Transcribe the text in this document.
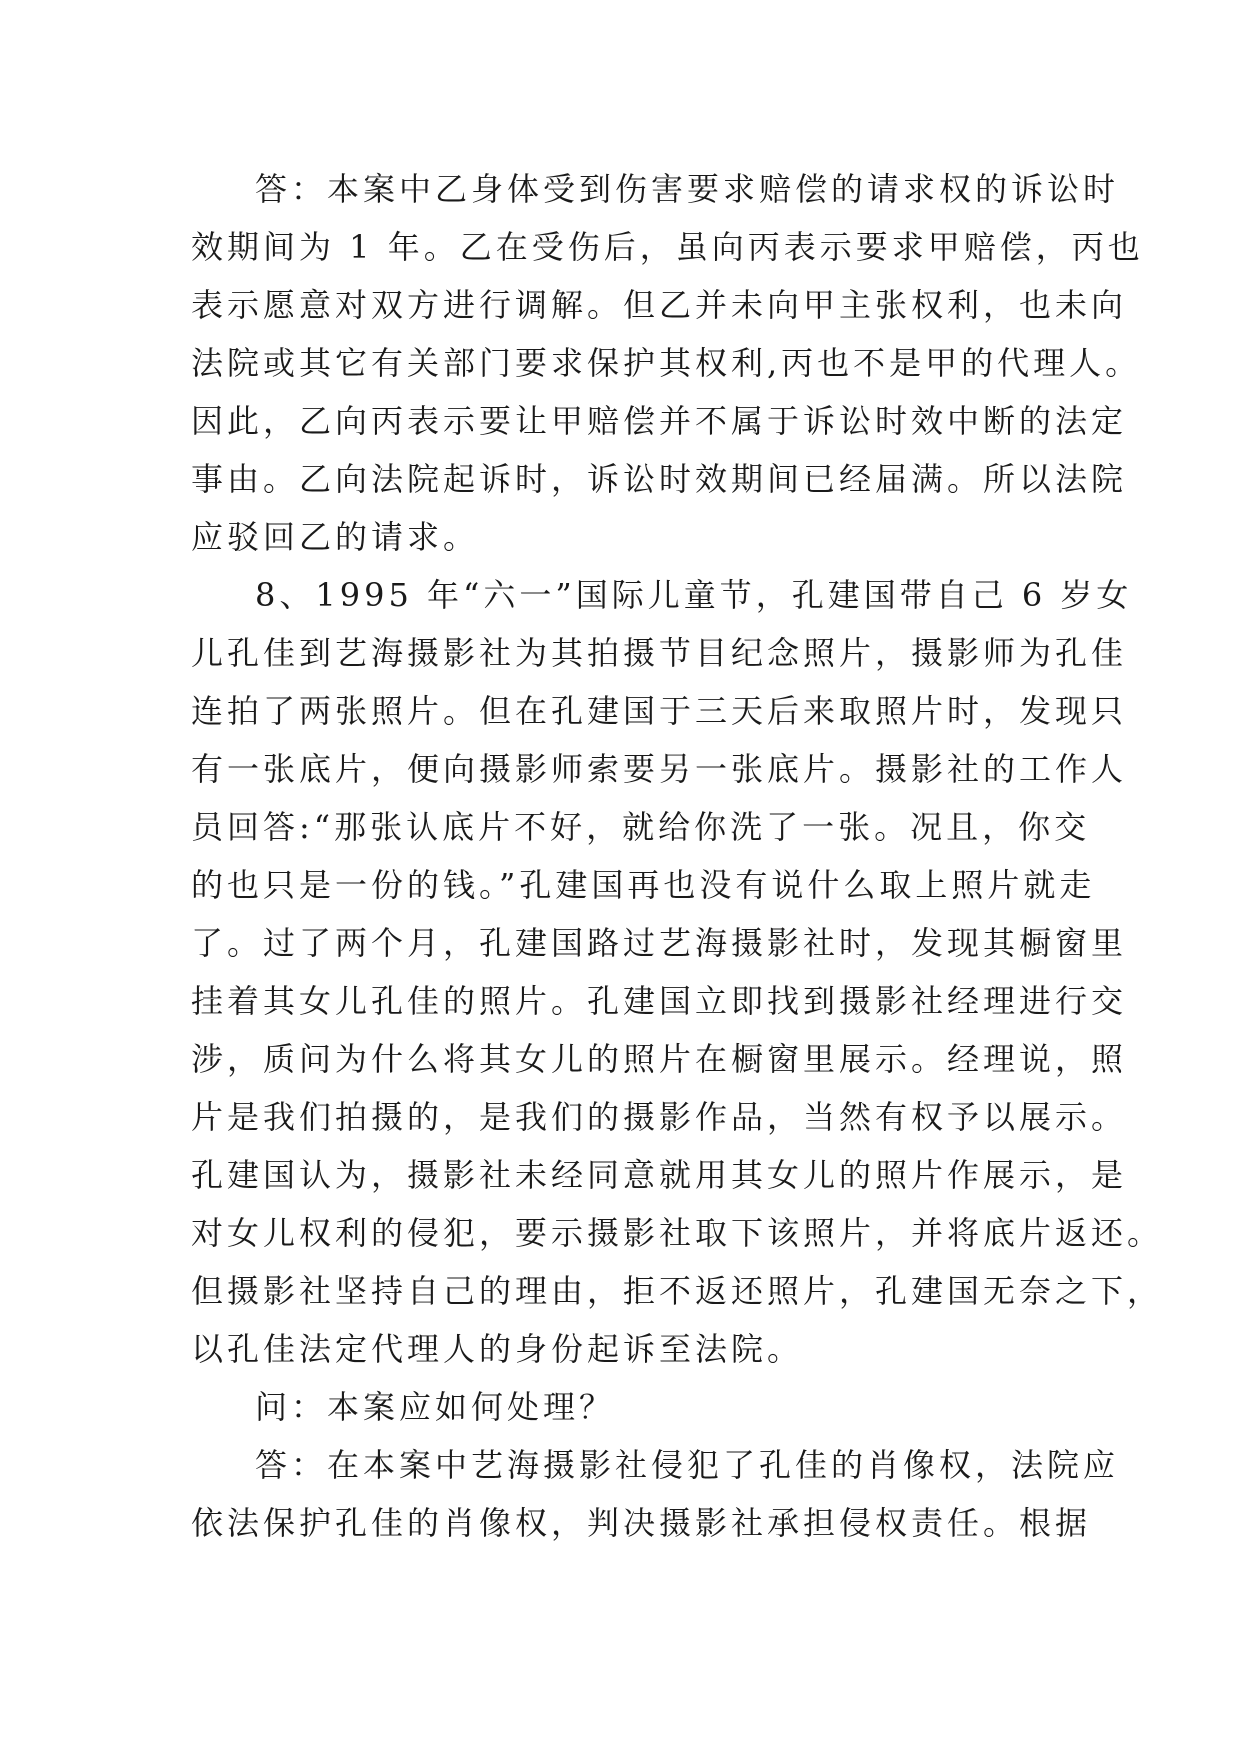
答：本案中乙身体受到伤害要求赔偿的请求权的诉讼时
效期间为 1 年。乙在受伤后，虽向丙表示要求甲赔偿，丙也
表示愿意对双方进行调解。但乙并未向甲主张权利，也未向
法院或其它有关部门要求保护其权利,丙也不是甲的代理人。
因此，乙向丙表示要让甲赔偿并不属于诉讼时效中断的法定
事由。乙向法院起诉时，诉讼时效期间已经届满。所以法院
应驳回乙的请求。
8、1995 年“六一”国际儿童节，孔建国带自己 6 岁女
儿孔佳到艺海摄影社为其拍摄节目纪念照片，摄影师为孔佳
连拍了两张照片。但在孔建国于三天后来取照片时，发现只
有一张底片，便向摄影师索要另一张底片。摄影社的工作人
员回答:“那张认底片不好，就给你洗了一张。况且，你交
的也只是一份的钱。”孔建国再也没有说什么取上照片就走
了。过了两个月，孔建国路过艺海摄影社时，发现其橱窗里
挂着其女儿孔佳的照片。孔建国立即找到摄影社经理进行交
涉，质问为什么将其女儿的照片在橱窗里展示。经理说，照
片是我们拍摄的，是我们的摄影作品，当然有权予以展示。
孔建国认为，摄影社未经同意就用其女儿的照片作展示，是
对女儿权利的侵犯，要示摄影社取下该照片，并将底片返还。
但摄影社坚持自己的理由，拒不返还照片，孔建国无奈之下，
以孔佳法定代理人的身份起诉至法院。
问：本案应如何处理？
答：在本案中艺海摄影社侵犯了孔佳的肖像权，法院应
依法保护孔佳的肖像权，判决摄影社承担侵权责任。根据
